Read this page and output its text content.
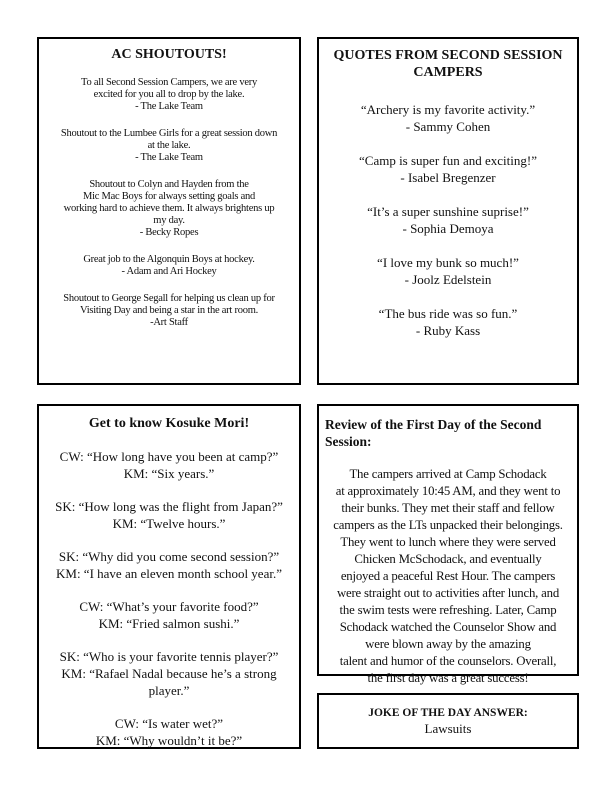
AC SHOUTOUTS!
To all Second Session Campers, we are very
excited for you all to drop by the lake.
- The Lake Team
Shoutout to the Lumbee Girls for a great session down
at the lake.
- The Lake Team
Shoutout to Colyn and Hayden from the
Mic Mac Boys for always setting goals and
working hard to achieve them. It always brightens up
my day.
- Becky Ropes
Great job to the Algonquin Boys at hockey.
- Adam and Ari Hockey
Shoutout to George Segall for helping us clean up for
Visiting Day and being a star in the art room.
-Art Staff
QUOTES FROM SECOND SESSION
CAMPERS
“Archery is my favorite activity.”
- Sammy Cohen
“Camp is super fun and exciting!”
- Isabel Bregenzer
“It’s a super sunshine suprise!”
- Sophia Demoya
“I love my bunk so much!”
- Joolz Edelstein
“The bus ride was so fun.”
- Ruby Kass
Get to know Kosuke Mori!
CW: “How long have you been at camp?”
KM: “Six years.”
SK: “How long was the flight from Japan?”
KM: “Twelve hours.”
SK: “Why did you come second session?”
KM: “I have an eleven month school year.”
CW: “What’s your favorite food?”
KM: “Fried salmon sushi.”
SK: “Who is your favorite tennis player?”
KM: “Rafael Nadal because he’s a strong
player.”
CW: “Is water wet?”
KM: “Why wouldn’t it be?”
Review of the First Day of the Second
Session:
The campers arrived at Camp Schodack
at approximately 10:45 AM, and they went to
their bunks. They met their staff and fellow
campers as the LTs unpacked their belongings.
They went to lunch where they were served
Chicken McSchodack, and eventually
enjoyed a peaceful Rest Hour. The campers
were straight out to activities after lunch, and
the swim tests were refreshing. Later, Camp
Schodack watched the Counselor Show and
were blown away by the amazing
talent and humor of the counselors. Overall,
the first day was a great success!
JOKE OF THE DAY ANSWER:
Lawsuits
